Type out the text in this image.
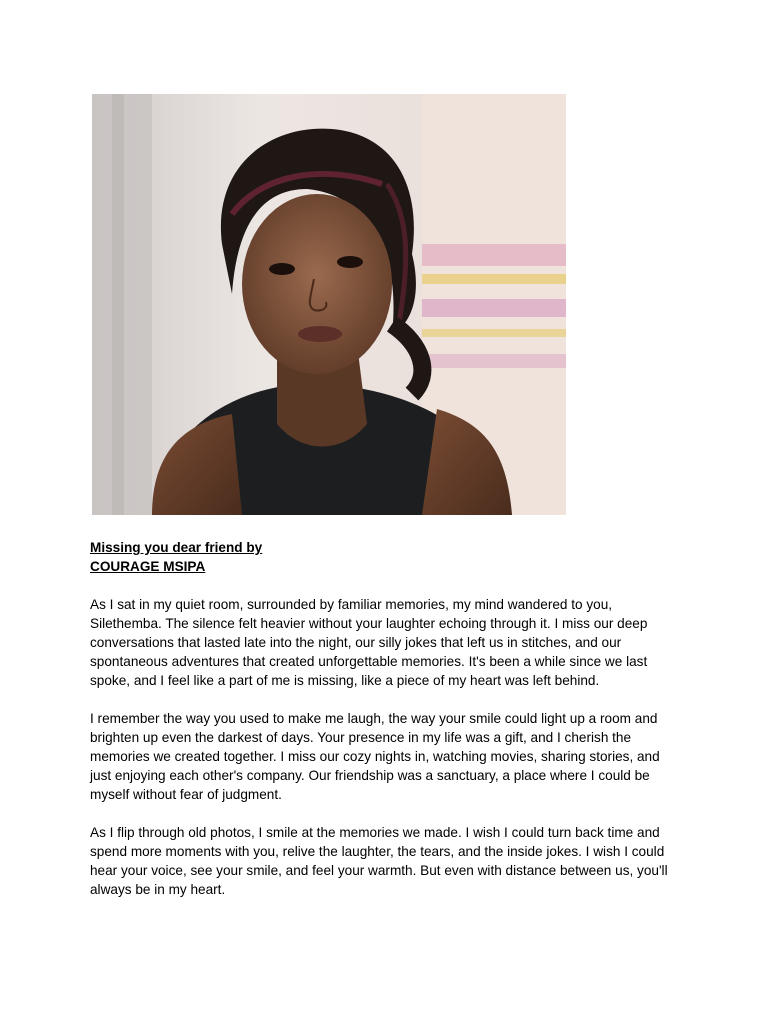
Missing you dear friend by
COURAGE MSIPA
As I sat in my quiet room, surrounded by familiar memories, my mind wandered to you,
Silethemba. The silence felt heavier without your laughter echoing through it. I miss our deep
conversations that lasted late into the night, our silly jokes that left us in stitches, and our
spontaneous adventures that created unforgettable memories. It's been a while since we last
spoke, and I feel like a part of me is missing, like a piece of my heart was left behind.
I remember the way you used to make me laugh, the way your smile could light up a room and
brighten up even the darkest of days. Your presence in my life was a gift, and I cherish the
memories we created together. I miss our cozy nights in, watching movies, sharing stories, and
just enjoying each other's company. Our friendship was a sanctuary, a place where I could be
myself without fear of judgment.
As I flip through old photos, I smile at the memories we made. I wish I could turn back time and
spend more moments with you, relive the laughter, the tears, and the inside jokes. I wish I could
hear your voice, see your smile, and feel your warmth. But even with distance between us, you'll
always be in my heart.
